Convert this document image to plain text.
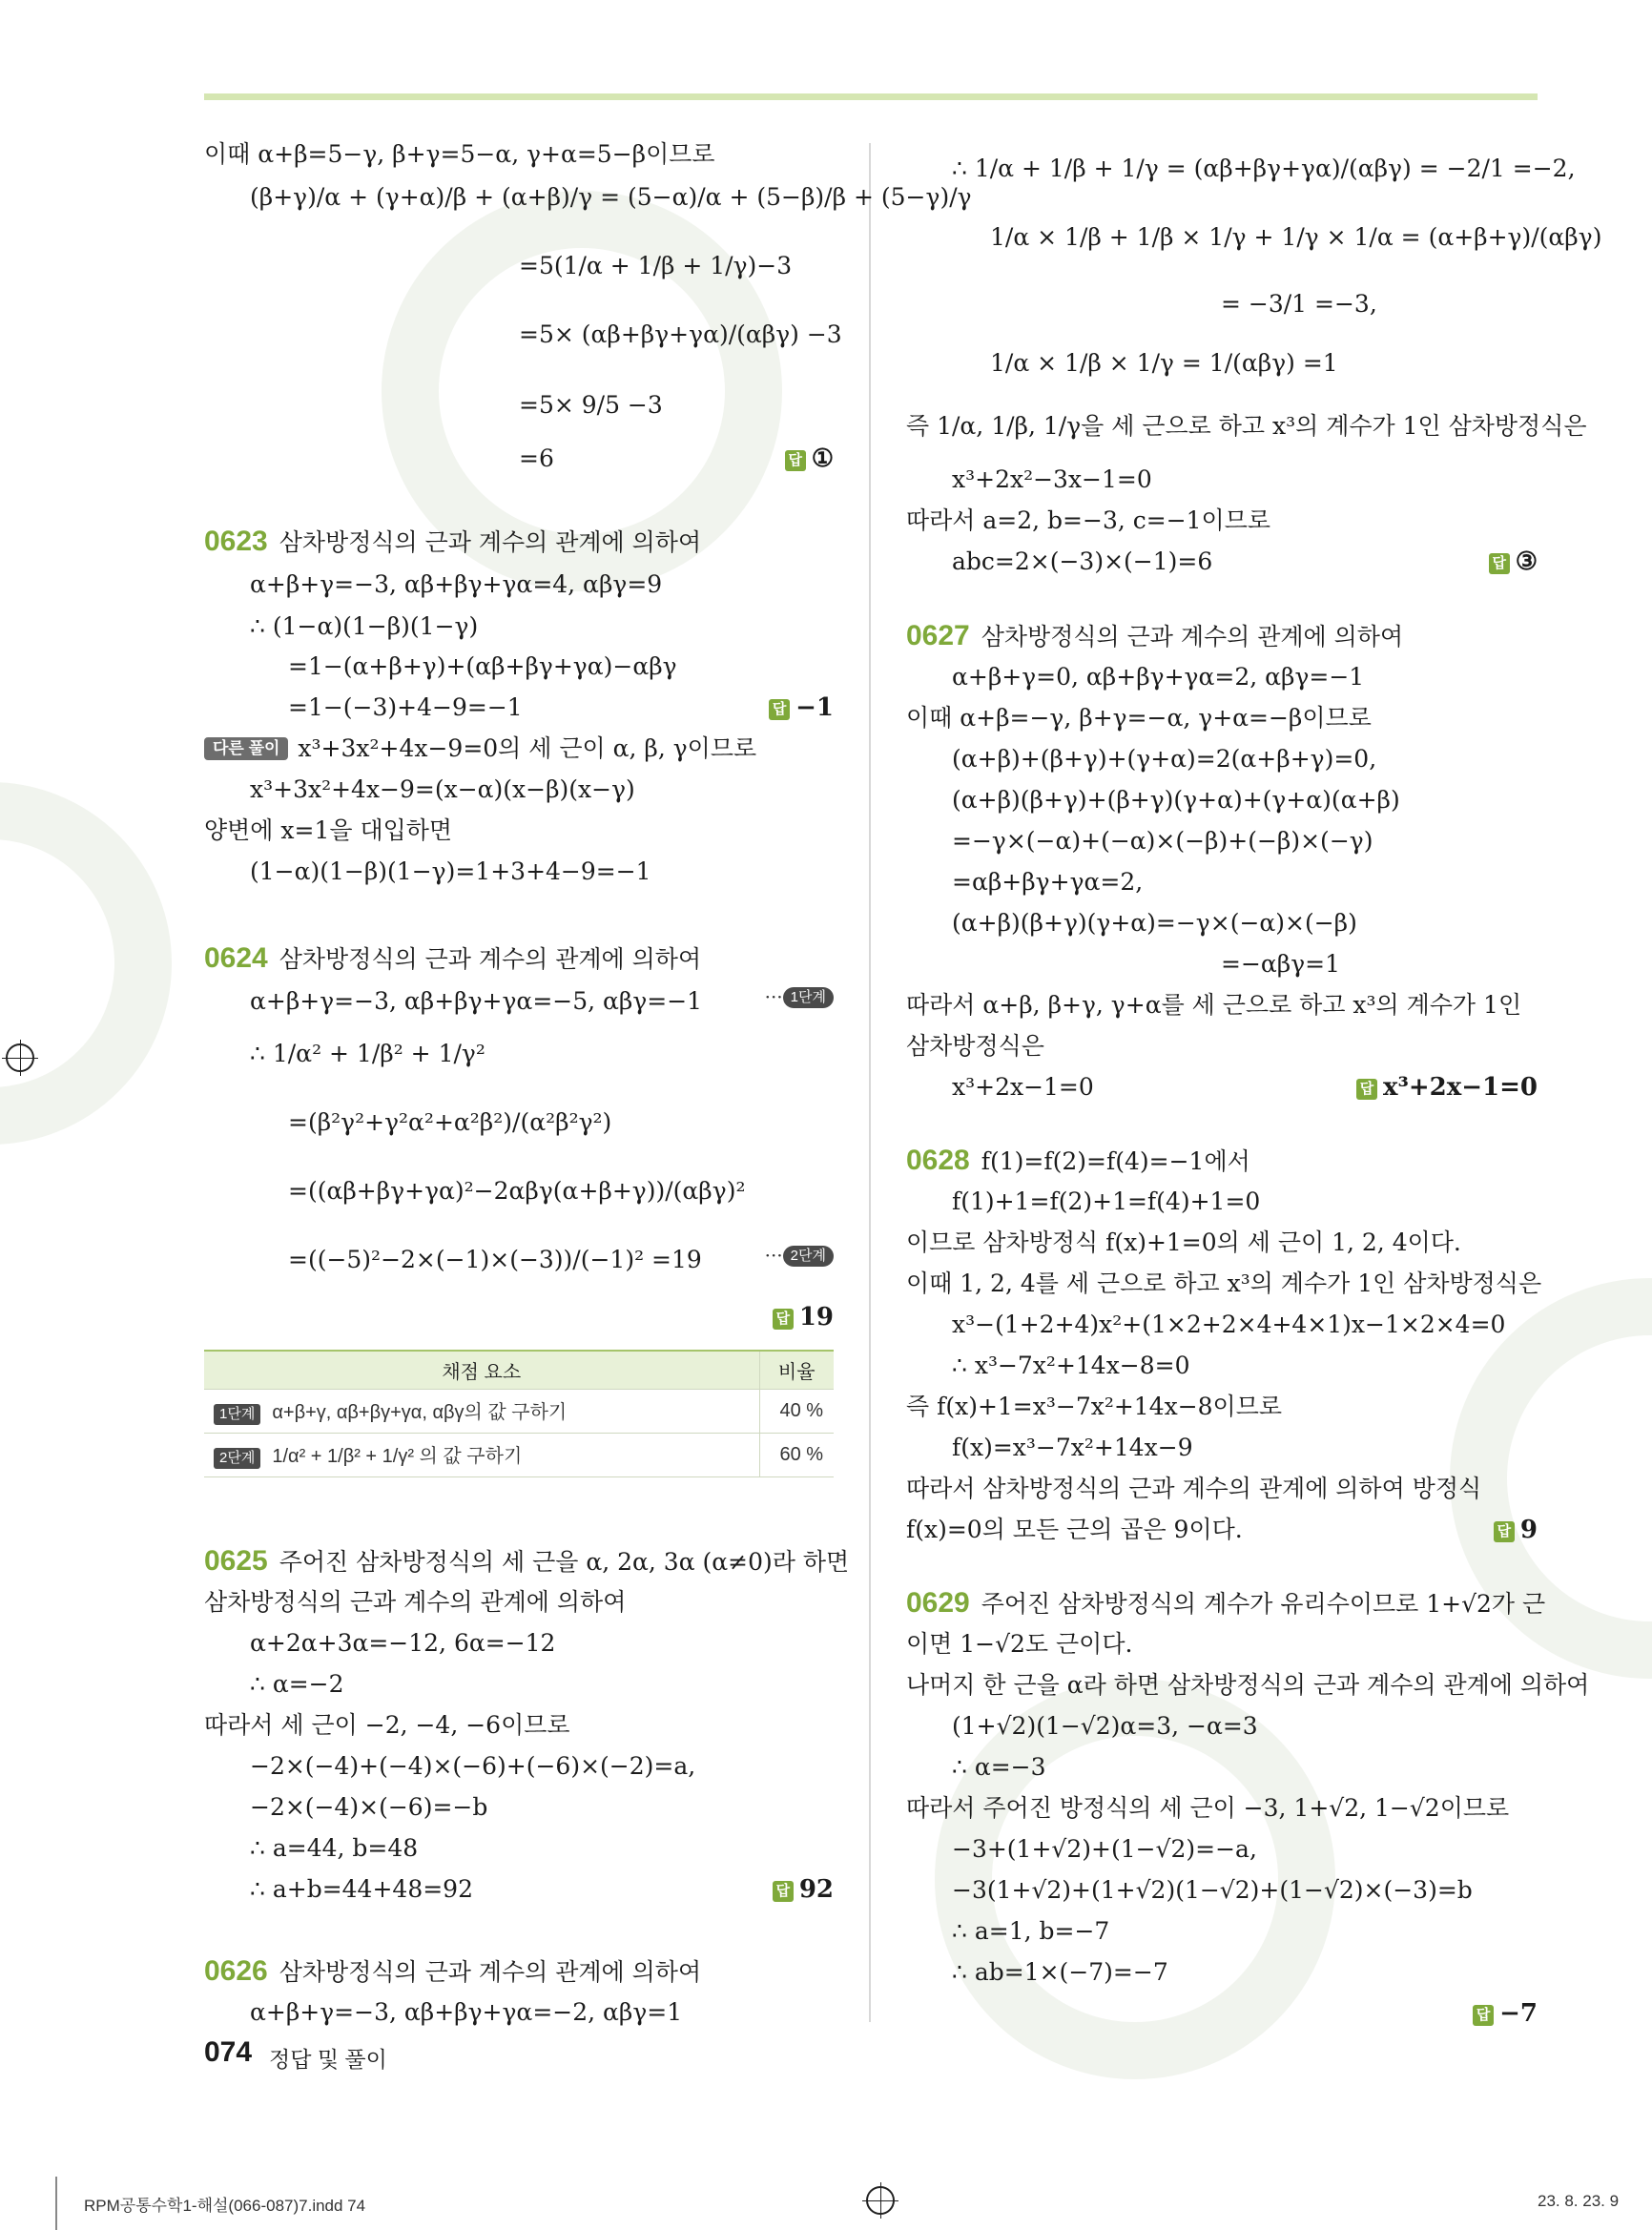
이때 α+β=5−γ, β+γ=5−α, γ+α=5−β이므로
(β+γ)/α + (γ+α)/β + (α+β)/γ = (5−α)/α + (5−β)/β + (5−γ)/γ
=5(1/α + 1/β + 1/γ)−3
=5× (αβ+βγ+γα)/(αβγ) −3
=5× 9/5 −3
=6
0623 삼차방정식의 근과 계수의 관계에 의하여
α+β+γ=−3, αβ+βγ+γα=4, αβγ=9
∴ (1−α)(1−β)(1−γ)
=1−(α+β+γ)+(αβ+βγ+γα)−αβγ
=1−(−3)+4−9=−1
다른 풀이 x³+3x²+4x−9=0의 세 근이 α, β, γ이므로
x³+3x²+4x−9=(x−α)(x−β)(x−γ)
양변에 x=1을 대입하면
(1−α)(1−β)(1−γ)=1+3+4−9=−1
0624 삼차방정식의 근과 계수의 관계에 의하여
α+β+γ=−3, αβ+βγ+γα=−5, αβγ=−1
∴ 1/α² + 1/β² + 1/γ²
=(β²γ²+γ²α²+α²β²)/(α²β²γ²)
=((αβ+βγ+γα)²−2αβγ(α+β+γ))/(αβγ)²
=((−5)²−2×(−1)×(−3))/(−1)² =19
0625 주어진 삼차방정식의 세 근을 α, 2α, 3α (α≠0)라 하면
삼차방정식의 근과 계수의 관계에 의하여
α+2α+3α=−12, 6α=−12
∴ α=−2
따라서 세 근이 −2, −4, −6이므로
−2×(−4)+(−4)×(−6)+(−6)×(−2)=a,
−2×(−4)×(−6)=−b
∴ a=44, b=48
∴ a+b=44+48=92
0626 삼차방정식의 근과 계수의 관계에 의하여
α+β+γ=−3, αβ+βγ+γα=−2, αβγ=1
답 ①
답 −1
답 19
답 92
··· 1단계
··· 2단계
∴ 1/α + 1/β + 1/γ = (αβ+βγ+γα)/(αβγ) = −2/1 =−2,
1/α × 1/β + 1/β × 1/γ + 1/γ × 1/α = (α+β+γ)/(αβγ)
= −3/1 =−3,
1/α × 1/β × 1/γ = 1/(αβγ) =1
즉 1/α, 1/β, 1/γ을 세 근으로 하고 x³의 계수가 1인 삼차방정식은
x³+2x²−3x−1=0
따라서 a=2, b=−3, c=−1이므로
abc=2×(−3)×(−1)=6
0627 삼차방정식의 근과 계수의 관계에 의하여
α+β+γ=0, αβ+βγ+γα=2, αβγ=−1
이때 α+β=−γ, β+γ=−α, γ+α=−β이므로
(α+β)+(β+γ)+(γ+α)=2(α+β+γ)=0,
(α+β)(β+γ)+(β+γ)(γ+α)+(γ+α)(α+β)
=−γ×(−α)+(−α)×(−β)+(−β)×(−γ)
=αβ+βγ+γα=2,
(α+β)(β+γ)(γ+α)=−γ×(−α)×(−β)
=−αβγ=1
따라서 α+β, β+γ, γ+α를 세 근으로 하고 x³의 계수가 1인
삼차방정식은
x³+2x−1=0
0628 f(1)=f(2)=f(4)=−1에서
f(1)+1=f(2)+1=f(4)+1=0
이므로 삼차방정식 f(x)+1=0의 세 근이 1, 2, 4이다.
이때 1, 2, 4를 세 근으로 하고 x³의 계수가 1인 삼차방정식은
x³−(1+2+4)x²+(1×2+2×4+4×1)x−1×2×4=0
∴ x³−7x²+14x−8=0
즉 f(x)+1=x³−7x²+14x−8이므로
f(x)=x³−7x²+14x−9
따라서 삼차방정식의 근과 계수의 관계에 의하여 방정식
f(x)=0의 모든 근의 곱은 9이다.
0629 주어진 삼차방정식의 계수가 유리수이므로 1+√2가 근
이면 1−√2도 근이다.
나머지 한 근을 α라 하면 삼차방정식의 근과 계수의 관계에 의하여
(1+√2)(1−√2)α=3, −α=3
∴ α=−3
따라서 주어진 방정식의 세 근이 −3, 1+√2, 1−√2이므로
−3+(1+√2)+(1−√2)=−a,
−3(1+√2)+(1+√2)(1−√2)+(1−√2)×(−3)=b
∴ a=1, b=−7
∴ ab=1×(−7)=−7
답 ③
답 x³+2x−1=0
답 9
답 −7
채점 요소	비율
1단계 α+β+γ, αβ+βγ+γα, αβγ의 값 구하기	40 %
2단계 1/α² + 1/β² + 1/γ² 의 값 구하기	60 %
074 정답 및 풀이
RPM공통수학1-해설(066-087)7.indd 74	23. 8. 23. 9
